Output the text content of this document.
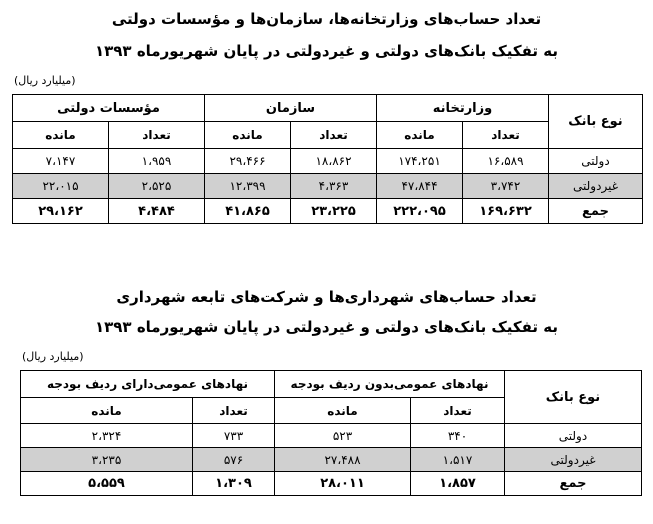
تعداد حساب‌های وزارتخانه‌ها، سازمان‌ها و مؤسسات دولتی
به تفکیک بانک‌های دولتی و غیردولتی در پایان شهریورماه ۱۳۹۳
(میلیارد ریال)
نوع بانک	وزارتخانه		سازمان		مؤسسات دولتی	
	تعداد	مانده	تعداد	مانده	تعداد	مانده
دولتی	۱۶،۵۸۹	۱۷۴،۲۵۱	۱۸،۸۶۲	۲۹،۴۶۶	۱،۹۵۹	۷،۱۴۷
غیردولتی	۳،۷۴۲	۴۷،۸۴۴	۴،۳۶۳	۱۲،۳۹۹	۲،۵۲۵	۲۲،۰۱۵
جمع	۱۶۹،۶۳۲	۲۲۲،۰۹۵	۲۳،۲۲۵	۴۱،۸۶۵	۴،۴۸۴	۲۹،۱۶۲
تعداد حساب‌های شهرداری‌ها و شرکت‌های تابعه شهرداری
به تفکیک بانک‌های دولتی و غیردولتی در پایان شهریورماه ۱۳۹۳
(میلیارد ریال)
نوع بانک	نهادهای عمومی‌بدون ردیف بودجه		نهادهای عمومی‌دارای ردیف بودجه	
	تعداد	مانده	تعداد	مانده
دولتی	۳۴۰	۵۲۳	۷۳۳	۲،۳۲۴
غیردولتی	۱،۵۱۷	۲۷،۴۸۸	۵۷۶	۳،۲۳۵
جمع	۱،۸۵۷	۲۸،۰۱۱	۱،۳۰۹	۵،۵۵۹
